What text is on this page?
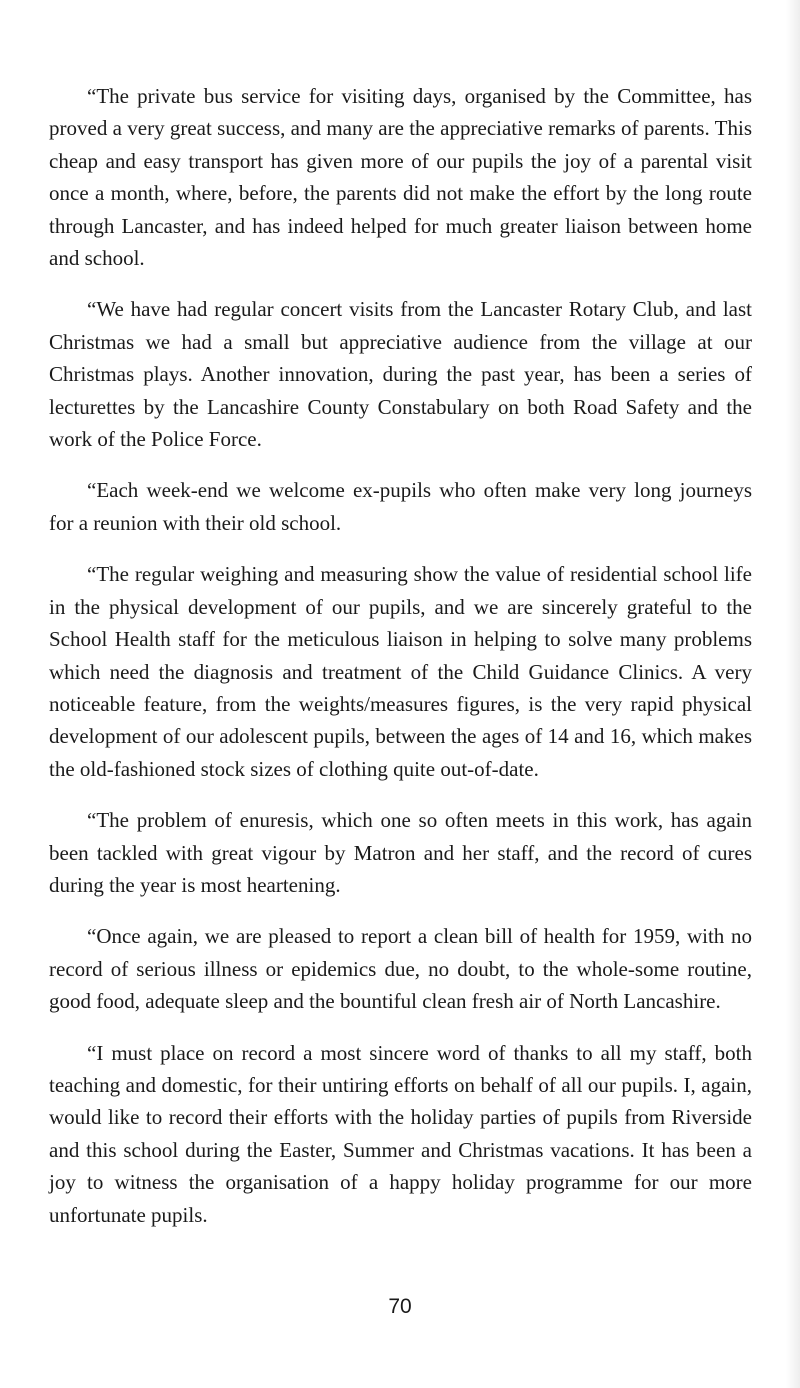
“The private bus service for visiting days, organised by the Committee, has proved a very great success, and many are the appreciative remarks of parents. This cheap and easy transport has given more of our pupils the joy of a parental visit once a month, where, before, the parents did not make the effort by the long route through Lancaster, and has indeed helped for much greater liaison between home and school.

“We have had regular concert visits from the Lancaster Rotary Club, and last Christmas we had a small but appreciative audience from the village at our Christmas plays. Another innovation, during the past year, has been a series of lecturettes by the Lancashire County Constabulary on both Road Safety and the work of the Police Force.

“Each week-end we welcome ex-pupils who often make very long journeys for a reunion with their old school.

“The regular weighing and measuring show the value of residential school life in the physical development of our pupils, and we are sincerely grateful to the School Health staff for the meticulous liaison in helping to solve many problems which need the diagnosis and treatment of the Child Guidance Clinics. A very noticeable feature, from the weights/measures figures, is the very rapid physical development of our adolescent pupils, between the ages of 14 and 16, which makes the old-fashioned stock sizes of clothing quite out-of-date.

“The problem of enuresis, which one so often meets in this work, has again been tackled with great vigour by Matron and her staff, and the record of cures during the year is most heartening.

“Once again, we are pleased to report a clean bill of health for 1959, with no record of serious illness or epidemics due, no doubt, to the whole-some routine, good food, adequate sleep and the bountiful clean fresh air of North Lancashire.

“I must place on record a most sincere word of thanks to all my staff, both teaching and domestic, for their untiring efforts on behalf of all our pupils. I, again, would like to record their efforts with the holiday parties of pupils from Riverside and this school during the Easter, Summer and Christmas vacations. It has been a joy to witness the organisation of a happy holiday programme for our more unfortunate pupils.

70
